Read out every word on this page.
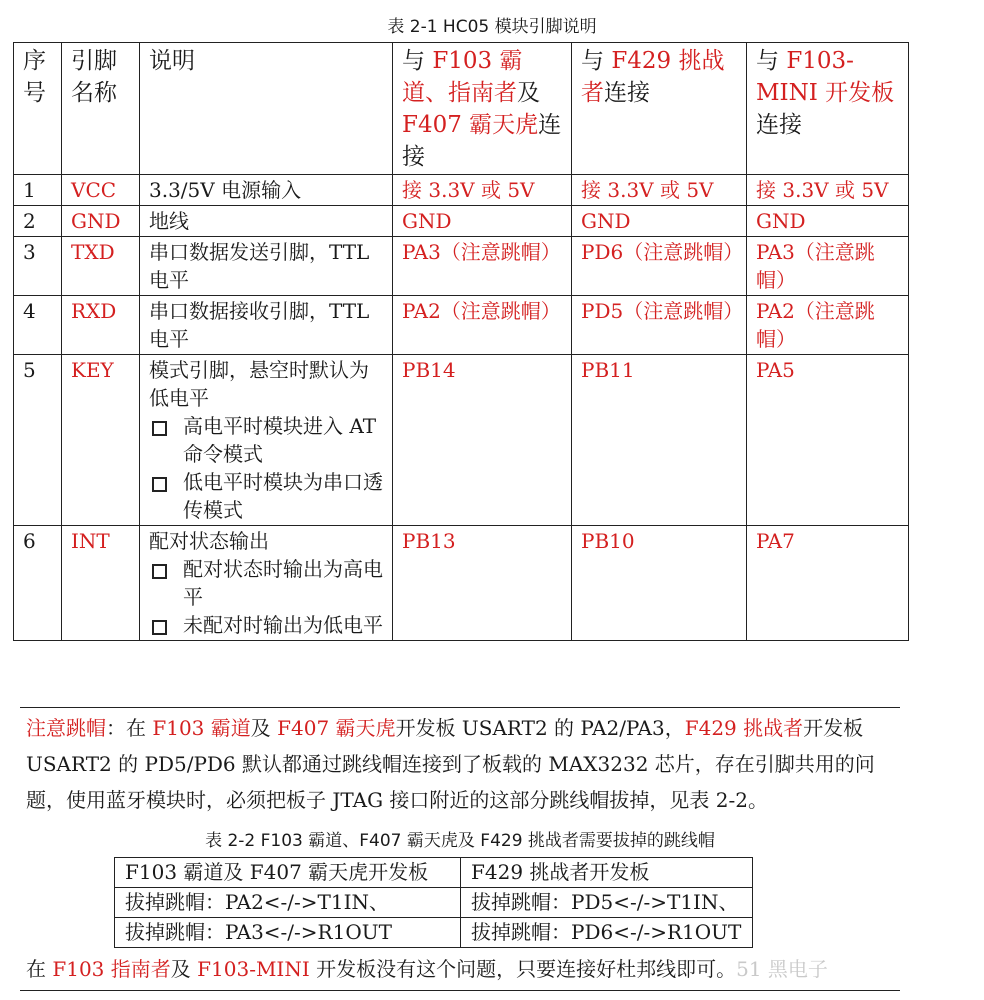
表 2-1 HC05 模块引脚说明
序号	引脚名称	说明	与 F103 霸道、指南者及F407 霸天虎连接	与 F429 挑战者连接	与 F103-MINI 开发板连接
1	VCC	3.3/5V 电源输入	接 3.3V 或 5V	接 3.3V 或 5V	接 3.3V 或 5V
2	GND	地线	GND	GND	GND
3	TXD	串口数据发送引脚，TTL 电平	PA3（注意跳帽）	PD6（注意跳帽）	PA3（注意跳帽）
4	RXD	串口数据接收引脚，TTL 电平	PA2（注意跳帽）	PD5（注意跳帽）	PA2（注意跳帽）
5	KEY	模式引脚，悬空时默认为低电平
高电平时模块进入 AT 命令模式
低电平时模块为串口透传模式	PB14	PB11	PA5
6	INT	配对状态输出
配对状态时输出为高电平
未配对时输出为低电平	PB13	PB10	PA7

注意跳帽：在 F103 霸道及 F407 霸天虎开发板 USART2 的 PA2/PA3，F429 挑战者开发板 USART2 的 PD5/PD6 默认都通过跳线帽连接到了板载的 MAX3232 芯片，存在引脚共用的问题，使用蓝牙模块时，必须把板子 JTAG 接口附近的这部分跳线帽拔掉，见表 2-2。

表 2-2 F103 霸道、F407 霸天虎及 F429 挑战者需要拔掉的跳线帽
F103 霸道及 F407 霸天虎开发板	F429 挑战者开发板
拔掉跳帽：PA2<-/->T1IN、	拔掉跳帽：PD5<-/->T1IN、
拔掉跳帽：PA3<-/->R1OUT	拔掉跳帽：PD6<-/->R1OUT
在 F103 指南者及 F103-MINI 开发板没有这个问题，只要连接好杜邦线即可。51 黑电子
